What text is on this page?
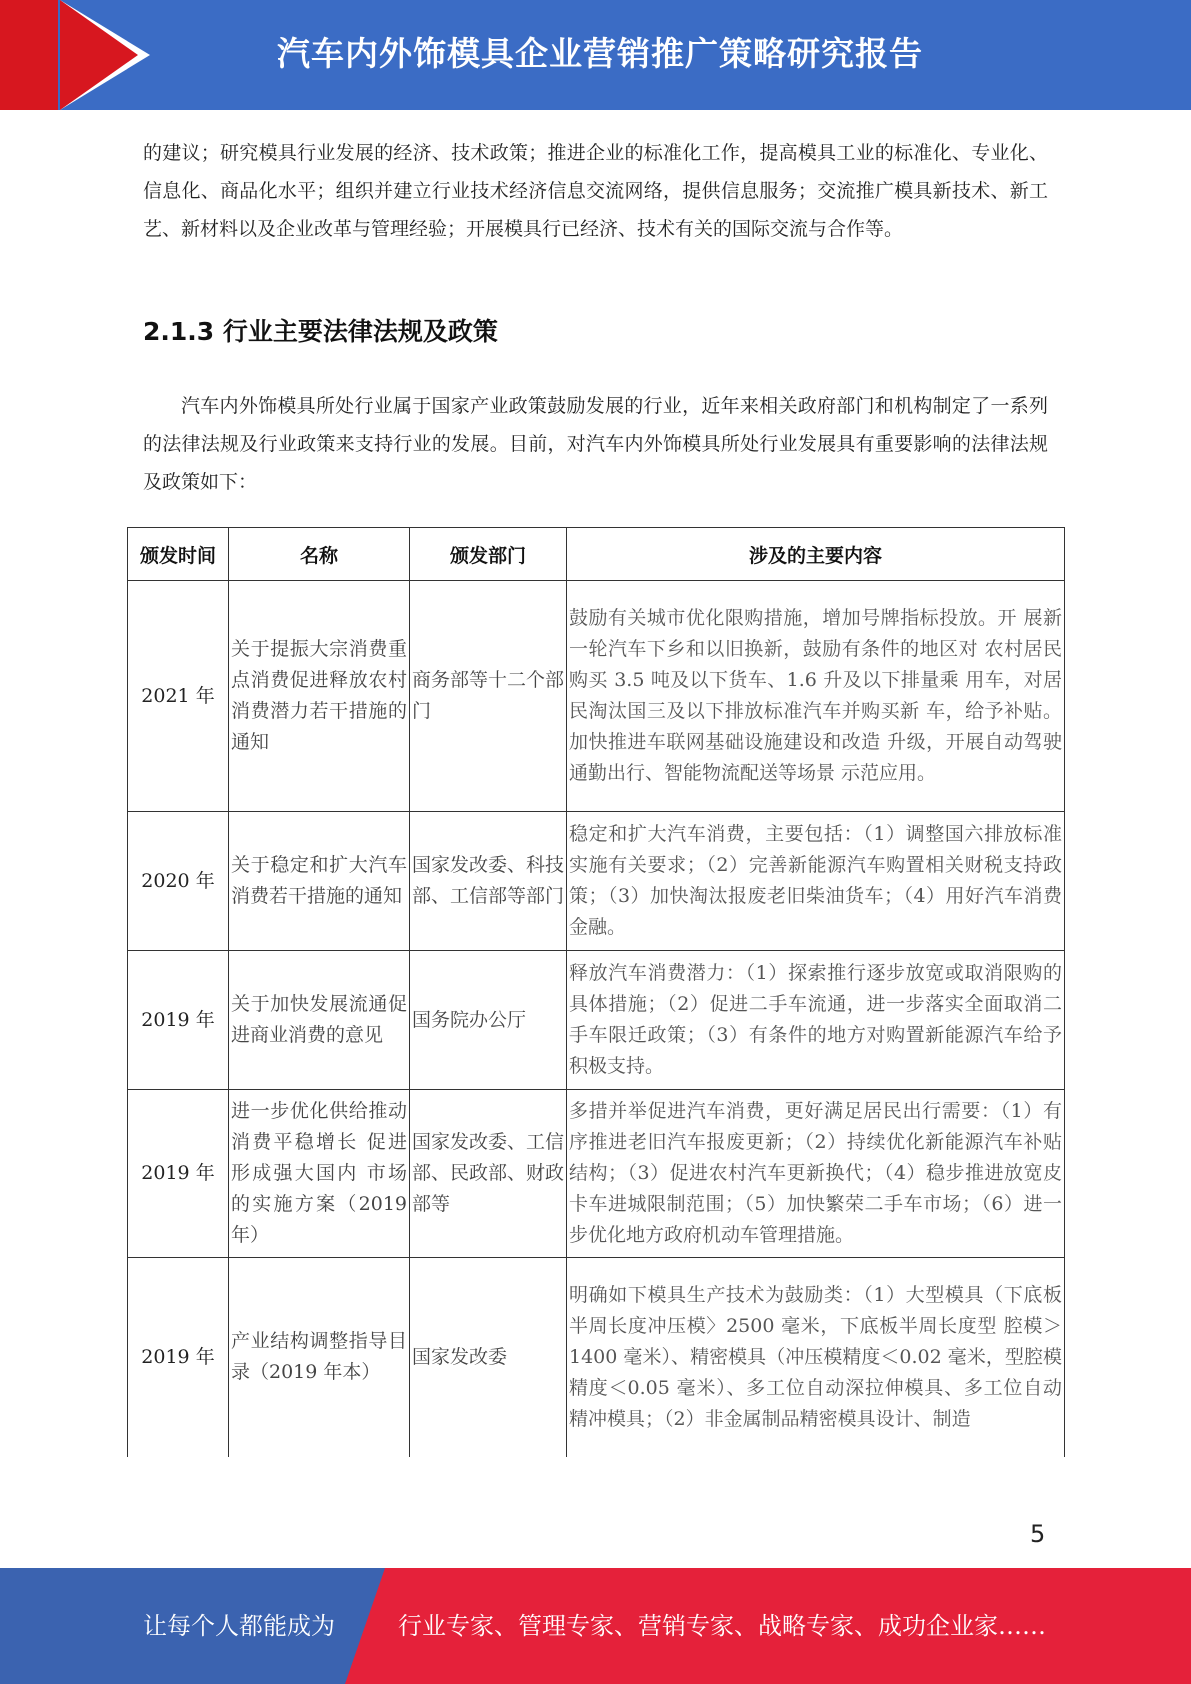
汽车内外饰模具企业营销推广策略研究报告

的建议；研究模具行业发展的经济、技术政策；推进企业的标准化工作，提高模具工业的标准化、专业化、信息化、商品化水平；组织并建立行业技术经济信息交流网络，提供信息服务；交流推广模具新技术、新工艺、新材料以及企业改革与管理经验；开展模具行已经济、技术有关的国际交流与合作等。

2.1.3 行业主要法律法规及政策

汽车内外饰模具所处行业属于国家产业政策鼓励发展的行业，近年来相关政府部门和机构制定了一系列的法律法规及行业政策来支持行业的发展。目前，对汽车内外饰模具所处行业发展具有重要影响的法律法规及政策如下：

颁发时间	名称	颁发部门	涉及的主要内容
2021 年	关于提振大宗消费重点消费促进释放农村消费潜力若干措施的通知	商务部等十二个部门	鼓励有关城市优化限购措施，增加号牌指标投放。开 展新一轮汽车下乡和以旧换新，鼓励有条件的地区对 农村居民购买 3.5 吨及以下货车、1.6 升及以下排量乘 用车，对居民淘汰国三及以下排放标准汽车并购买新 车，给予补贴。加快推进车联网基础设施建设和改造 升级，开展自动驾驶通勤出行、智能物流配送等场景 示范应用。
2020 年	关于稳定和扩大汽车消费若干措施的通知	国家发改委、科技部、工信部等部门	稳定和扩大汽车消费，主要包括：（1）调整国六排放标准实施有关要求；（2）完善新能源汽车购置相关财税支持政策；（3）加快淘汰报废老旧柴油货车；（4）用好汽车消费金融。
2019 年	关于加快发展流通促进商业消费的意见	国务院办公厅	释放汽车消费潜力：（1）探索推行逐步放宽或取消限购的具体措施；（2）促进二手车流通，进一步落实全面取消二手车限迁政策；（3）有条件的地方对购置新能源汽车给予积极支持。
2019 年	进一步优化供给推动消费平稳增长 促进形成强大国内 市场的实施方案（2019 年）	国家发改委、工信部、民政部、财政部等	多措并举促进汽车消费，更好满足居民出行需要：（1）有序推进老旧汽车报废更新；（2）持续优化新能源汽车补贴结构；（3）促进农村汽车更新换代；（4）稳步推进放宽皮卡车进城限制范围；（5）加快繁荣二手车市场；（6）进一步优化地方政府机动车管理措施。
2019 年	产业结构调整指导目录（2019 年本）	国家发改委	明确如下模具生产技术为鼓励类：（1）大型模具（下底板半周长度冲压模〉2500 毫米，下底板半周长度型 腔模＞1400 毫米）、精密模具（冲压模精度＜0.02 毫米，型腔模精度＜0.05 毫米）、多工位自动深拉伸模具、多工位自动精冲模具；（2）非金属制品精密模具设计、制造
5
让每个人都能成为	行业专家、管理专家、营销专家、战略专家、成功企业家……
